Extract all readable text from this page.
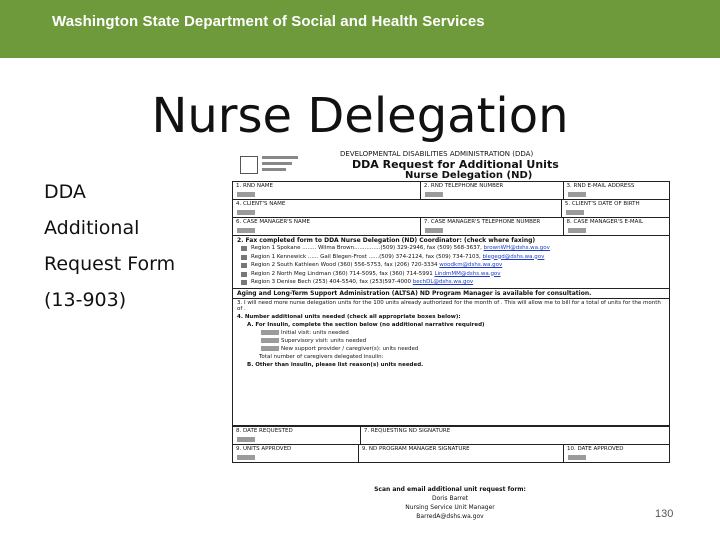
Washington State Department of Social and Health Services
Nurse Delegation
DDA
Additional
Request Form
(13-903)
DEVELOPMENTAL DISABILITIES ADMINISTRATION (DDA)
DDA Request for Additional Units
Nurse Delegation (ND)
1. RND NAME	2. RND TELEPHONE NUMBER	3. RND E-MAIL ADDRESS
4. CLIENT'S NAME	5. CLIENT'S DATE OF BIRTH
6. CASE MANAGER'S NAME	7. CASE MANAGER'S TELEPHONE NUMBER	8. CASE MANAGER'S E-MAIL
2. Fax completed form to DDA Nurse Delegation (ND) Coordinator: (check where faxing)
Region 1 Spokane ........ Wilma Brown...............(509) 329-2946, fax (509) 568-3637, brownWH@dshs.wa.gov
Region 1 Kennewick ...... Gail Blegen-Frost ......(509) 374-2124, fax (509) 734-7103, blegegd@dshs.wa.gov
Region 2 South Kathleen Wood (360) 556-5753, fax (206) 720-3334 woodkm@dshs.wa.gov
Region 2 North Meg Lindman (360) 714-5095, fax (360) 714-5991 LindmMM@dshs.wa.gov
Region 3 Denise Bech (253) 404-5540, fax (253)597-4000 bechDL@dshs.wa.gov
Aging and Long-Term Support Administration (ALTSA) ND Program Manager is available for consultation.
3. I will need more nurse delegation units for the 100 units already authorized for the month of . This will allow me to bill for a total of units for the month of .
4. Number additional units needed (check all appropriate boxes below):
A. For Insulin, complete the section below (no additional narrative required)
Initial visit: units needed
Supervisory visit: units needed
New support provider / caregiver(s): units needed
Total number of caregivers delegated insulin:
B. Other than insulin, please list reason(s) units needed.
8. DATE REQUESTED	7. REQUESTING ND SIGNATURE
9. UNITS APPROVED	9. ND PROGRAM MANAGER SIGNATURE	10. DATE APPROVED
Scan and email additional unit request form:
Doris Barret
Nursing Service Unit Manager
BarredA@dshs.wa.gov	130
